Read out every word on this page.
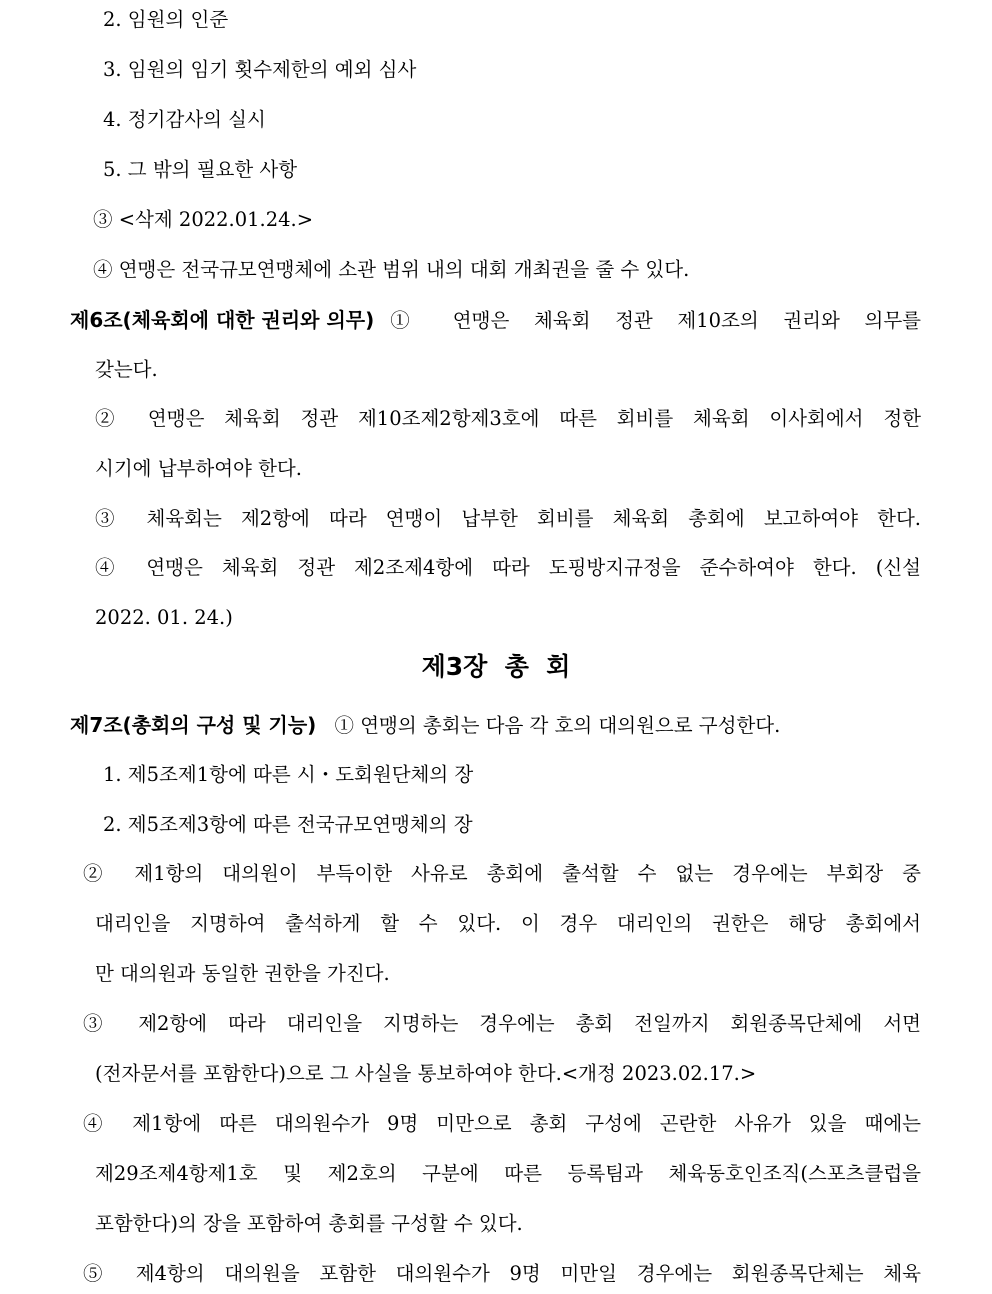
2. 임원의 인준
3. 임원의 임기 횟수제한의 예외 심사
4. 정기감사의 실시
5. 그 밖의 필요한 사항
③ <삭제 2022.01.24.>
④ 연맹은 전국규모연맹체에 소관 범위 내의 대회 개최권을 줄 수 있다.
제6조(체육회에 대한 권리와 의무) ① 연맹은 체육회 정관 제10조의 권리와 의무를
갖는다.
② 연맹은 체육회 정관 제10조제2항제3호에 따른 회비를 체육회 이사회에서 정한
시기에 납부하여야 한다.
③ 체육회는 제2항에 따라 연맹이 납부한 회비를 체육회 총회에 보고하여야 한다.
④ 연맹은 체육회 정관 제2조제4항에 따라 도핑방지규정을 준수하여야 한다. (신설
2022. 01. 24.)
제3장  총  회
제7조(총회의 구성 및 기능) ① 연맹의 총회는 다음 각 호의 대의원으로 구성한다.
1. 제5조제1항에 따른 시・도회원단체의 장
2. 제5조제3항에 따른 전국규모연맹체의 장
② 제1항의 대의원이 부득이한 사유로 총회에 출석할 수 없는 경우에는 부회장 중
대리인을 지명하여 출석하게 할 수 있다. 이 경우 대리인의 권한은 해당 총회에서
만 대의원과 동일한 권한을 가진다.
③ 제2항에 따라 대리인을 지명하는 경우에는 총회 전일까지 회원종목단체에 서면
(전자문서를 포함한다)으로 그 사실을 통보하여야 한다.<개정 2023.02.17.>
④ 제1항에 따른 대의원수가 9명 미만으로 총회 구성에 곤란한 사유가 있을 때에는
제29조제4항제1호 및 제2호의 구분에 따른 등록팀과 체육동호인조직(스포츠클럽을
포함한다)의 장을 포함하여 총회를 구성할 수 있다.
⑤ 제4항의 대의원을 포함한 대의원수가 9명 미만일 경우에는 회원종목단체는 체육
